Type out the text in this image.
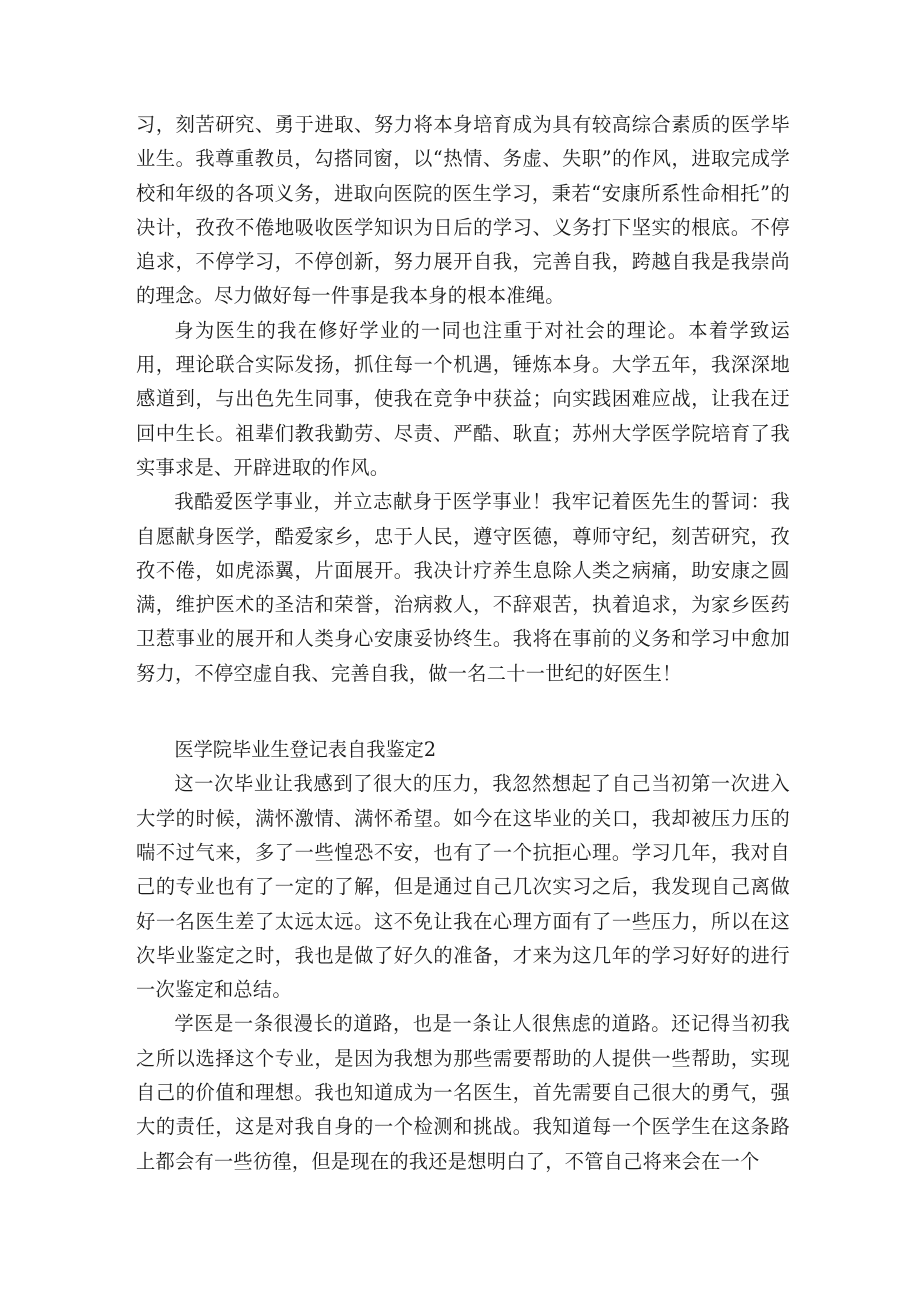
习，刻苦研究、勇于进取、努力将本身培育成为具有较高综合素质的医学毕业生。我尊重教员，勾搭同窗，以“热情、务虚、失职”的作风，进取完成学校和年级的各项义务，进取向医院的医生学习，秉若“安康所系性命相托”的决计，孜孜不倦地吸收医学知识为日后的学习、义务打下坚实的根底。不停追求，不停学习，不停创新，努力展开自我，完善自我，跨越自我是我崇尚的理念。尽力做好每一件事是我本身的根本准绳。

身为医生的我在修好学业的一同也注重于对社会的理论。本着学致运用，理论联合实际发扬，抓住每一个机遇，锤炼本身。大学五年，我深深地感道到，与出色先生同事，使我在竞争中获益；向实践困难应战，让我在迂回中生长。祖辈们教我勤劳、尽责、严酷、耿直；苏州大学医学院培育了我实事求是、开辟进取的作风。

我酷爱医学事业，并立志献身于医学事业！我牢记着医先生的誓词：我自愿献身医学，酷爱家乡，忠于人民，遵守医德，尊师守纪，刻苦研究，孜孜不倦，如虎添翼，片面展开。我决计疗养生息除人类之病痛，助安康之圆满，维护医术的圣洁和荣誉，治病救人，不辞艰苦，执着追求，为家乡医药卫惹事业的展开和人类身心安康妥协终生。我将在事前的义务和学习中愈加努力，不停空虚自我、完善自我，做一名二十一世纪的好医生！

医学院毕业生登记表自我鉴定2

这一次毕业让我感到了很大的压力，我忽然想起了自己当初第一次进入大学的时候，满怀激情、满怀希望。如今在这毕业的关口，我却被压力压的喘不过气来，多了一些惶恐不安，也有了一个抗拒心理。学习几年，我对自己的专业也有了一定的了解，但是通过自己几次实习之后，我发现自己离做好一名医生差了太远太远。这不免让我在心理方面有了一些压力，所以在这次毕业鉴定之时，我也是做了好久的准备，才来为这几年的学习好好的进行一次鉴定和总结。

学医是一条很漫长的道路，也是一条让人很焦虑的道路。还记得当初我之所以选择这个专业，是因为我想为那些需要帮助的人提供一些帮助，实现自己的价值和理想。我也知道成为一名医生，首先需要自己很大的勇气，强大的责任，这是对我自身的一个检测和挑战。我知道每一个医学生在这条路上都会有一些彷徨，但是现在的我还是想明白了，不管自己将来会在一个
